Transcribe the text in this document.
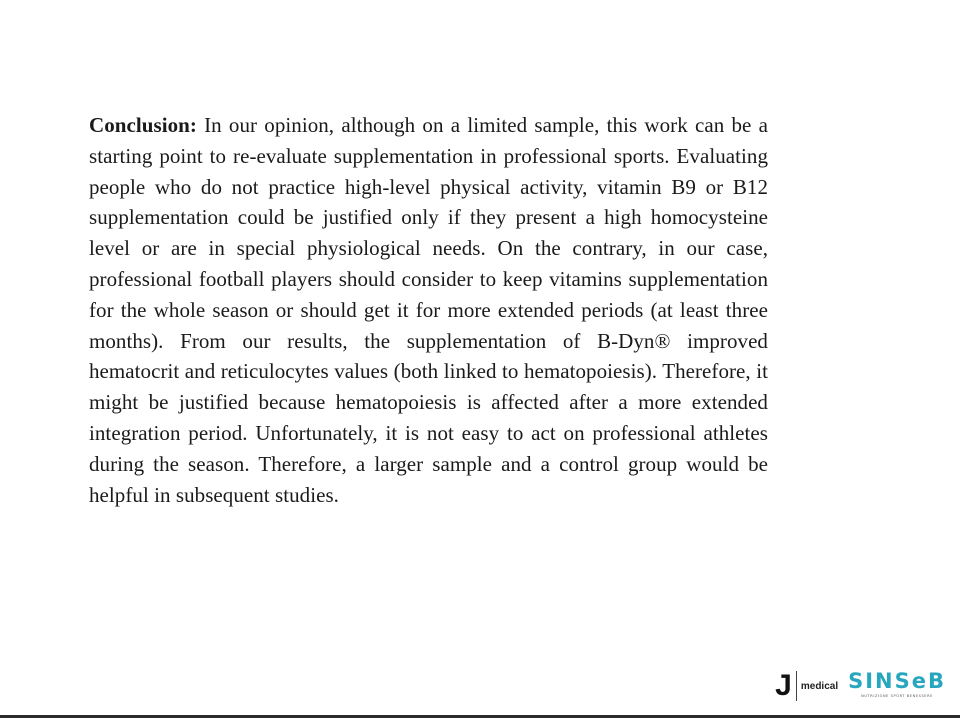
Conclusion: In our opinion, although on a limited sample, this work can be a starting point to re-evaluate supplementation in professional sports. Evaluating people who do not practice high-level physical activity, vitamin B9 or B12 supplementation could be justified only if they present a high homocysteine level or are in special physiological needs. On the contrary, in our case, professional football players should consider to keep vitamins supplementation for the whole season or should get it for more extended periods (at least three months). From our results, the supplementation of B-Dyn® improved hematocrit and reticulocytes values (both linked to hematopoiesis). Therefore, it might be justified because hematopoiesis is affected after a more extended integration period. Unfortunately, it is not easy to act on professional athletes during the season. Therefore, a larger sample and a control group would be helpful in subsequent studies.

J medical SINSeB
NUTRIZIONE SPORT BENESSERE
